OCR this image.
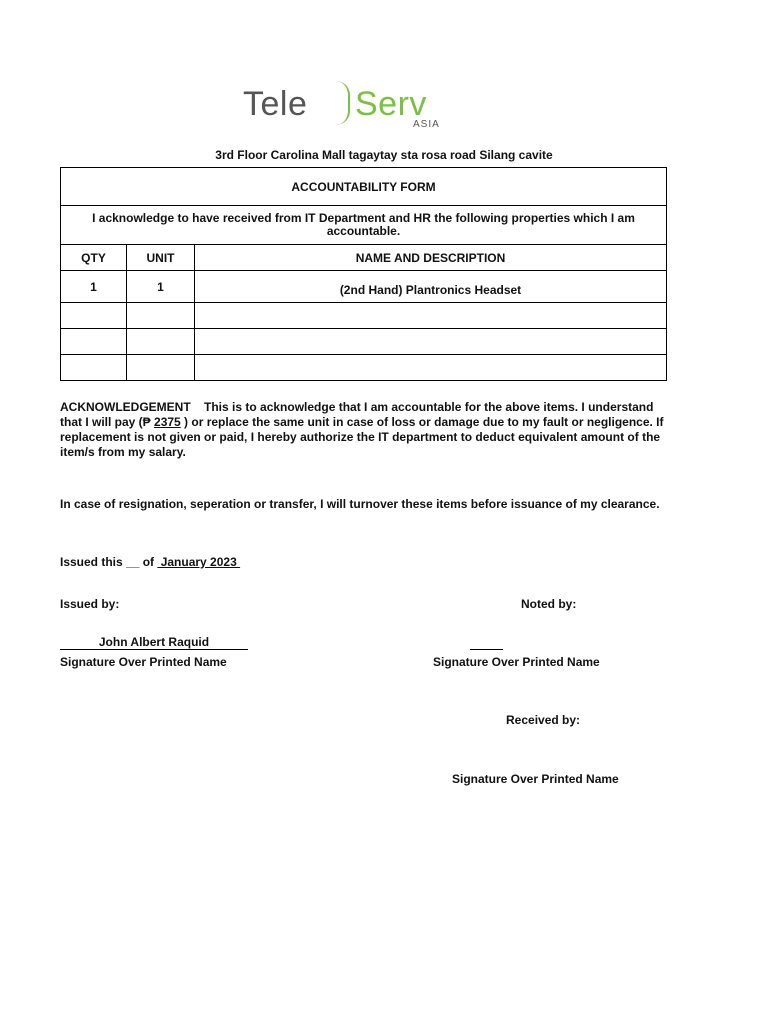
Tele Serv
ASIA
3rd Floor Carolina Mall tagaytay sta rosa road Silang cavite
ACCOUNTABILITY FORM		
I acknowledge to have received from IT Department and HR the following properties which I am accountable.		
QTY	UNIT	NAME AND DESCRIPTION
1	1	(2nd Hand) Plantronics Headset

ACKNOWLEDGEMENT This is to acknowledge that I am accountable for the above items. I understand that I will pay (₱ 2375 ) or replace the same unit in case of loss or damage due to my fault or negligence. If replacement is not given or paid, I hereby authorize the IT department to deduct equivalent amount of the item/s from my salary.
In case of resignation, seperation or transfer, I will turnover these items before issuance of my clearance.
Issued this __ of  January 2023
Issued by:	Noted by:
John Albert Raquid
Signature Over Printed Name	Signature Over Printed Name
Received by:
Signature Over Printed Name
